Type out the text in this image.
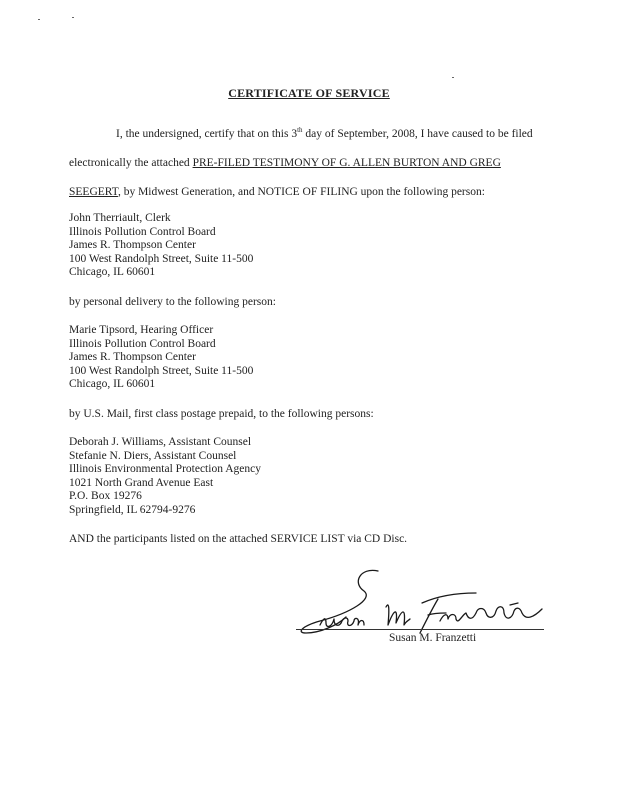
CERTIFICATE OF SERVICE
I, the undersigned, certify that on this 3th day of September, 2008, I have caused to be filed
electronically the attached PRE-FILED TESTIMONY OF G. ALLEN BURTON AND GREG
SEEGERT, by Midwest Generation, and NOTICE OF FILING upon the following person:
John Therriault, Clerk
Illinois Pollution Control Board
James R. Thompson Center
100 West Randolph Street, Suite 11-500
Chicago, IL 60601
by personal delivery to the following person:
Marie Tipsord, Hearing Officer
Illinois Pollution Control Board
James R. Thompson Center
100 West Randolph Street, Suite 11-500
Chicago, IL 60601
by U.S. Mail, first class postage prepaid, to the following persons:
Deborah J. Williams, Assistant Counsel
Stefanie N. Diers, Assistant Counsel
Illinois Environmental Protection Agency
1021 North Grand Avenue East
P.O. Box 19276
Springfield, IL 62794-9276
AND the participants listed on the attached SERVICE LIST via CD Disc.
Susan M. Franzetti
